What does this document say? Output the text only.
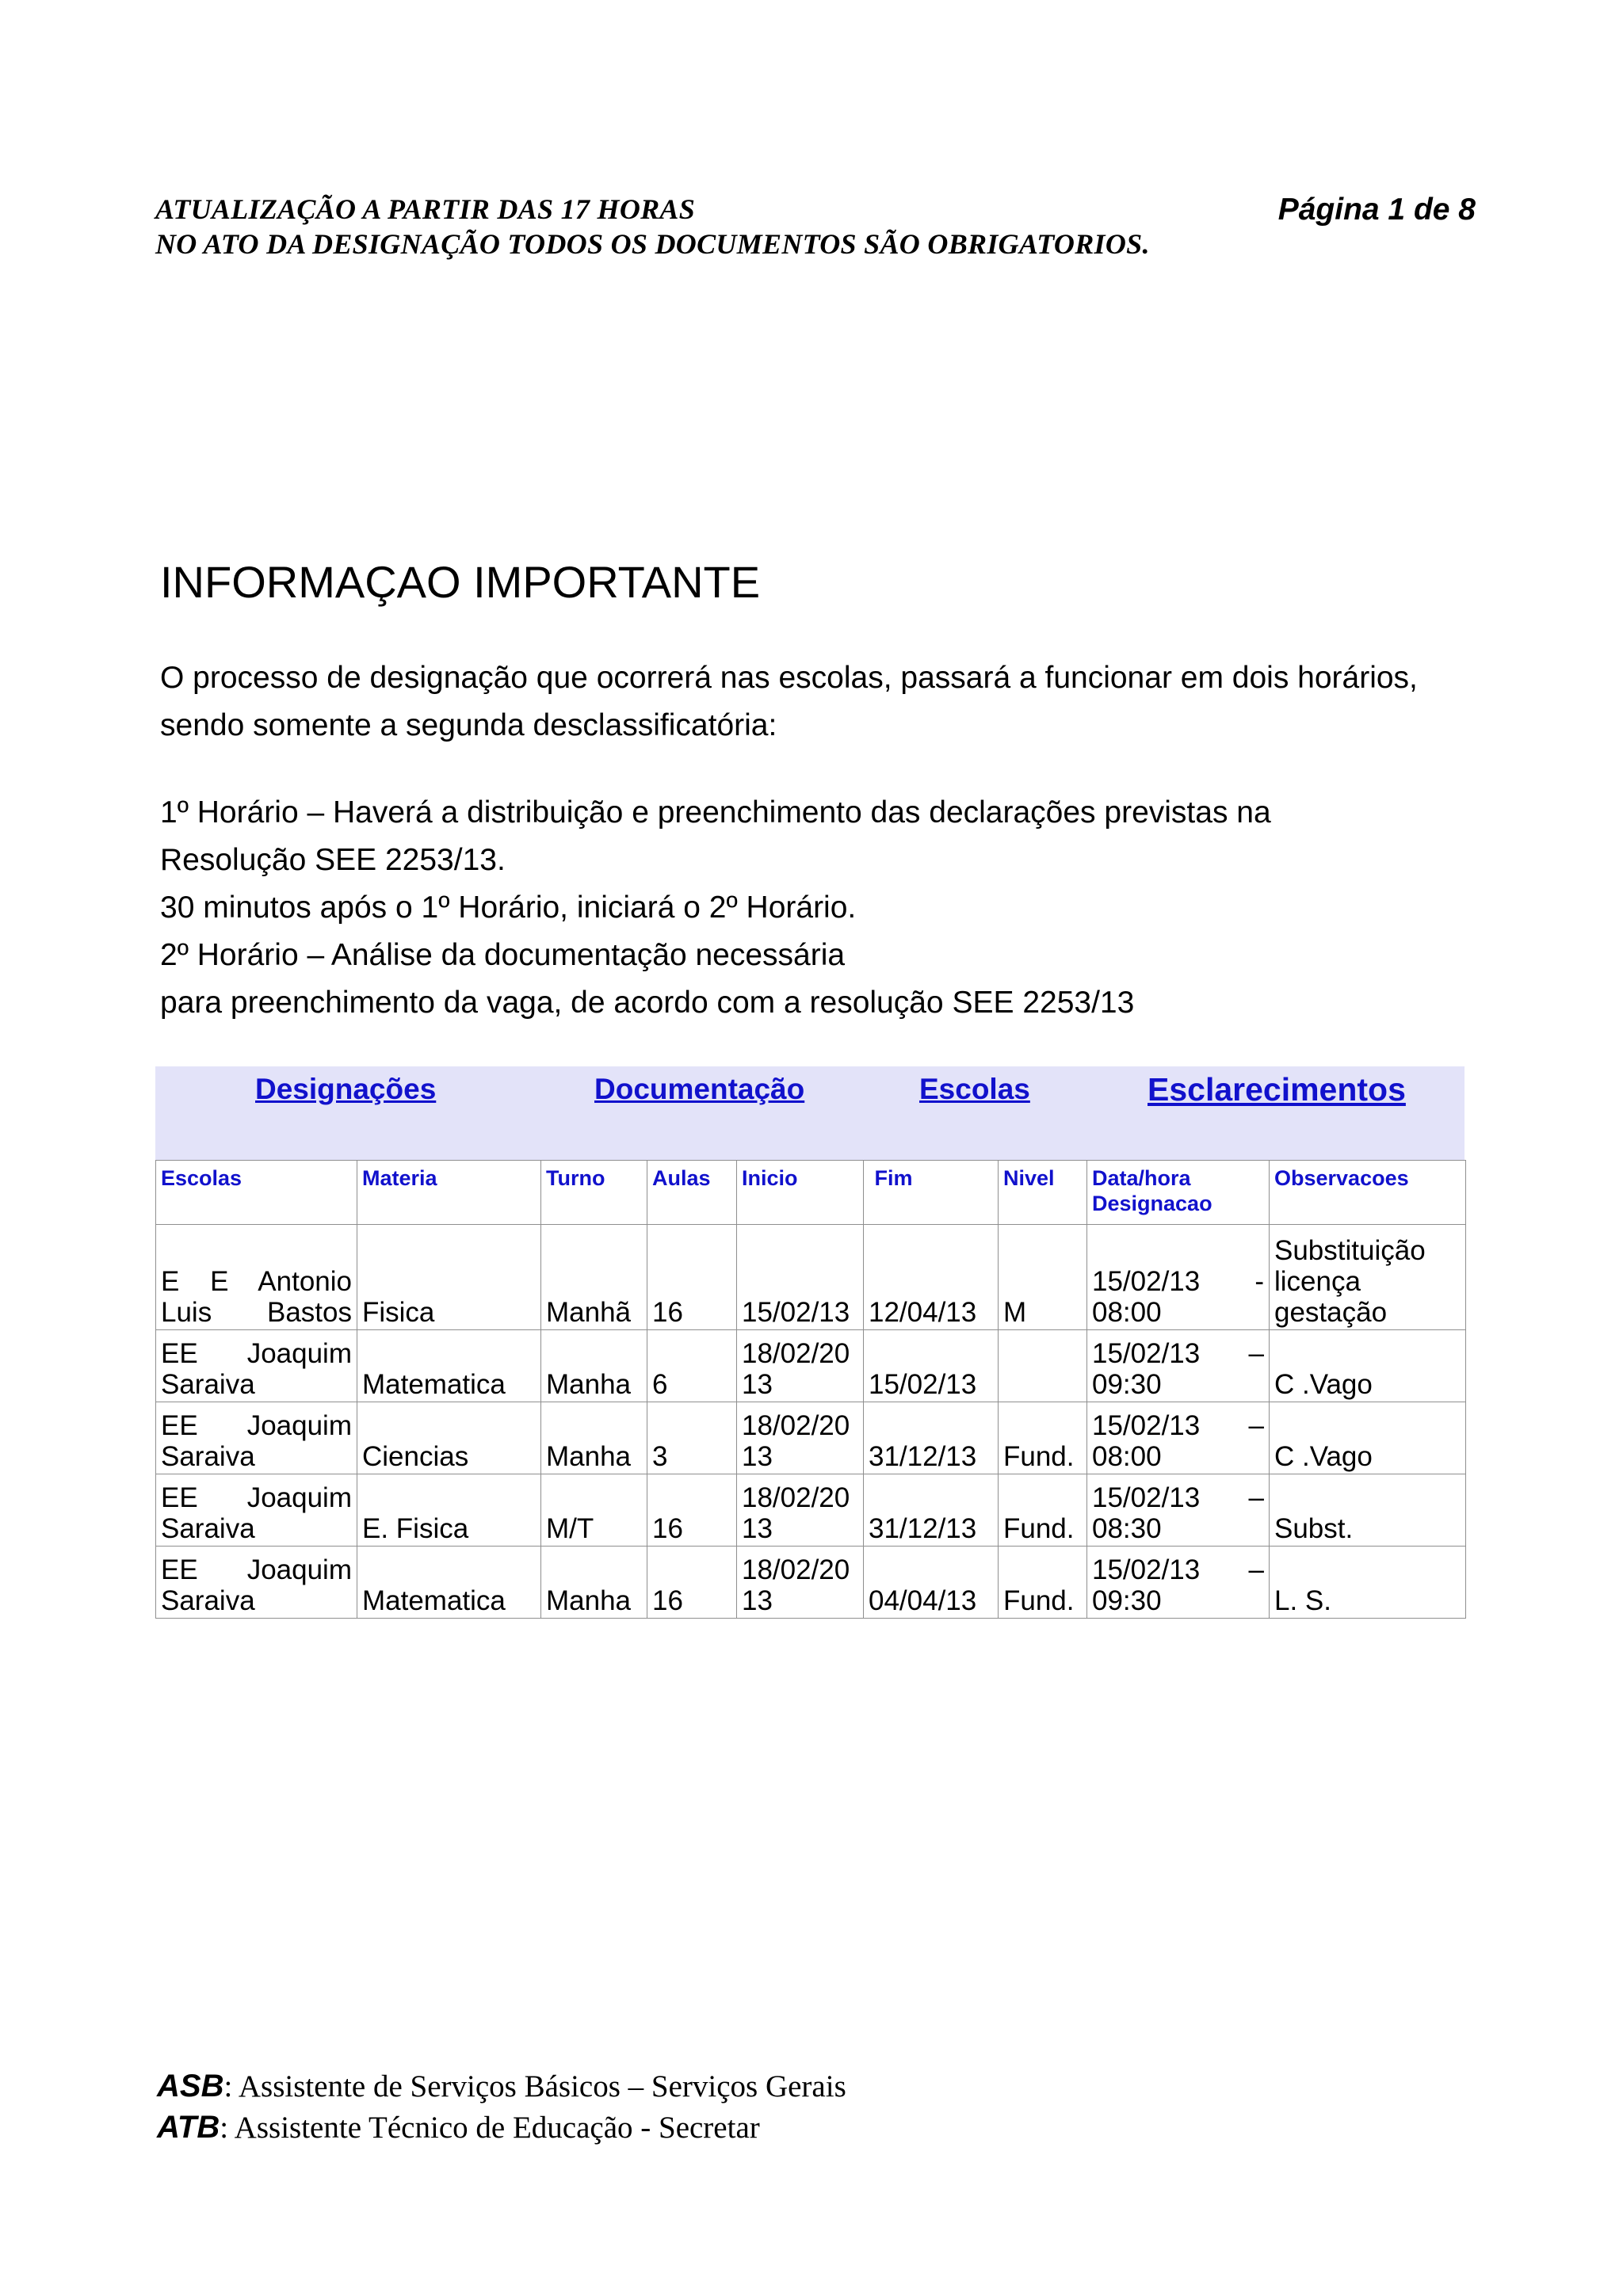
ATUALIZAÇÃO A PARTIR DAS 17 HORAS
NO ATO DA DESIGNAÇÃO TODOS OS DOCUMENTOS SÃO OBRIGATORIOS.
Página 1 de 8
INFORMAÇAO IMPORTANTE
O processo de designação que ocorrerá nas escolas, passará a funcionar em dois horários, sendo somente a segunda desclassificatória:
1º Horário – Haverá a distribuição e preenchimento das declarações previstas na
Resolução SEE 2253/13.
30 minutos após o 1º Horário, iniciará o 2º Horário.
2º Horário – Análise da documentação necessária
para preenchimento da vaga, de acordo com a resolução SEE 2253/13
Designações	Documentação	Escolas	Esclarecimentos
Escolas	Materia	Turno	Aulas	Inicio	Fim	Nivel	Data/hora Designacao	Observacoes
E E Antonio Luis Bastos	Fisica	Manhã	16	15/02/13	12/04/13	M	15/02/13 - 08:00	Substituição licença gestação
EE Joaquim Saraiva	Matematica	Manha	6	18/02/2013	15/02/13		15/02/13 – 09:30	C .Vago
EE Joaquim Saraiva	Ciencias	Manha	3	18/02/2013	31/12/13	Fund.	15/02/13 – 08:00	C .Vago
EE Joaquim Saraiva	E. Fisica	M/T	16	18/02/2013	31/12/13	Fund.	15/02/13 – 08:30	Subst.
EE Joaquim Saraiva	Matematica	Manha	16	18/02/2013	04/04/13	Fund.	15/02/13 – 09:30	L. S.
ASB: Assistente de Serviços Básicos – Serviços Gerais
ATB: Assistente Técnico de Educação - Secretar
